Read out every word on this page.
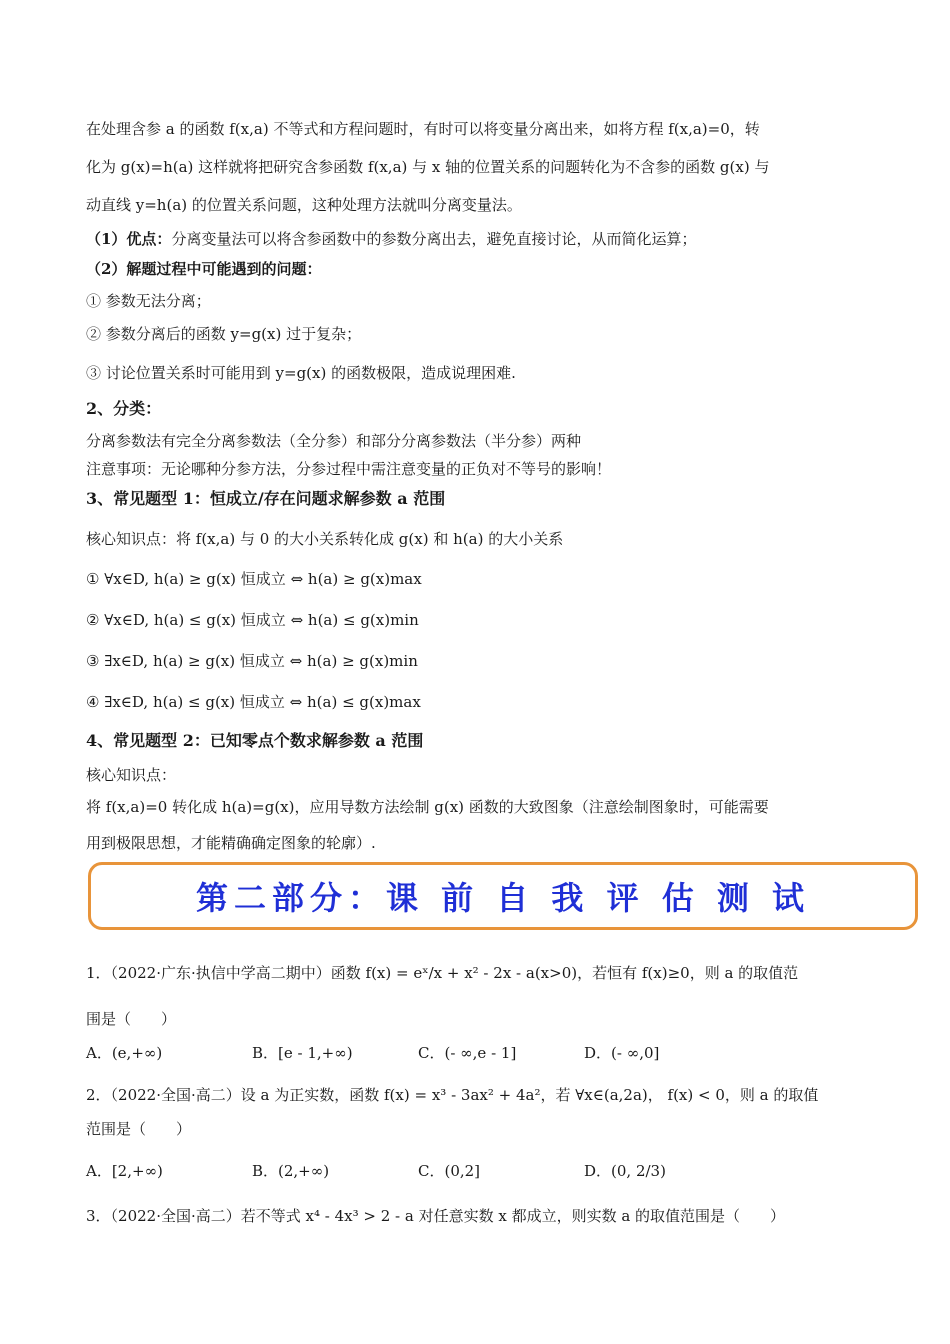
在处理含参 a 的函数 f(x,a) 不等式和方程问题时，有时可以将变量分离出来，如将方程 f(x,a)=0，转
化为 g(x)=h(a) 这样就将把研究含参函数 f(x,a) 与 x 轴的位置关系的问题转化为不含参的函数 g(x) 与
动直线 y=h(a) 的位置关系问题，这种处理方法就叫分离变量法。
（1）优点：分离变量法可以将含参函数中的参数分离出去，避免直接讨论，从而简化运算；
（2）解题过程中可能遇到的问题：
① 参数无法分离；
② 参数分离后的函数 y=g(x) 过于复杂；
③ 讨论位置关系时可能用到 y=g(x) 的函数极限，造成说理困难.
2、分类：
分离参数法有完全分离参数法（全分参）和部分分离参数法（半分参）两种
注意事项：无论哪种分参方法，分参过程中需注意变量的正负对不等号的影响！
3、常见题型 1：恒成立/存在问题求解参数 a 范围
核心知识点：将 f(x,a) 与 0 的大小关系转化成 g(x) 和 h(a) 的大小关系
① ∀x∈D, h(a) ≥ g(x) 恒成立 ⇔ h(a) ≥ g(x)max
② ∀x∈D, h(a) ≤ g(x) 恒成立 ⇔ h(a) ≤ g(x)min
③ ∃x∈D, h(a) ≥ g(x) 恒成立 ⇔ h(a) ≥ g(x)min
④ ∃x∈D, h(a) ≤ g(x) 恒成立 ⇔ h(a) ≤ g(x)max
4、常见题型 2：已知零点个数求解参数 a 范围
核心知识点：
将 f(x,a)=0 转化成 h(a)=g(x)，应用导数方法绘制 g(x) 函数的大致图象（注意绘制图象时，可能需要
用到极限思想，才能精确确定图象的轮廓）.
第二部分：课 前 自 我 评 估 测 试
1．（2022·广东·执信中学高二期中）函数 f(x) = eˣ/x + x² - 2x - a(x>0)，若恒有 f(x)≥0，则 a 的取值范
围是（　　）
A．(e,+∞)	B．[e - 1,+∞)	C．(- ∞,e - 1]	D．(- ∞,0]
2．（2022·全国·高二）设 a 为正实数，函数 f(x) = x³ - 3ax² + 4a²，若 ∀x∈(a,2a)， f(x) < 0，则 a 的取值
范围是（　　）
A．[2,+∞)	B．(2,+∞)	C．(0,2]	D．(0, 2/3)
3．（2022·全国·高二）若不等式 x⁴ - 4x³ > 2 - a 对任意实数 x 都成立，则实数 a 的取值范围是（　　）
